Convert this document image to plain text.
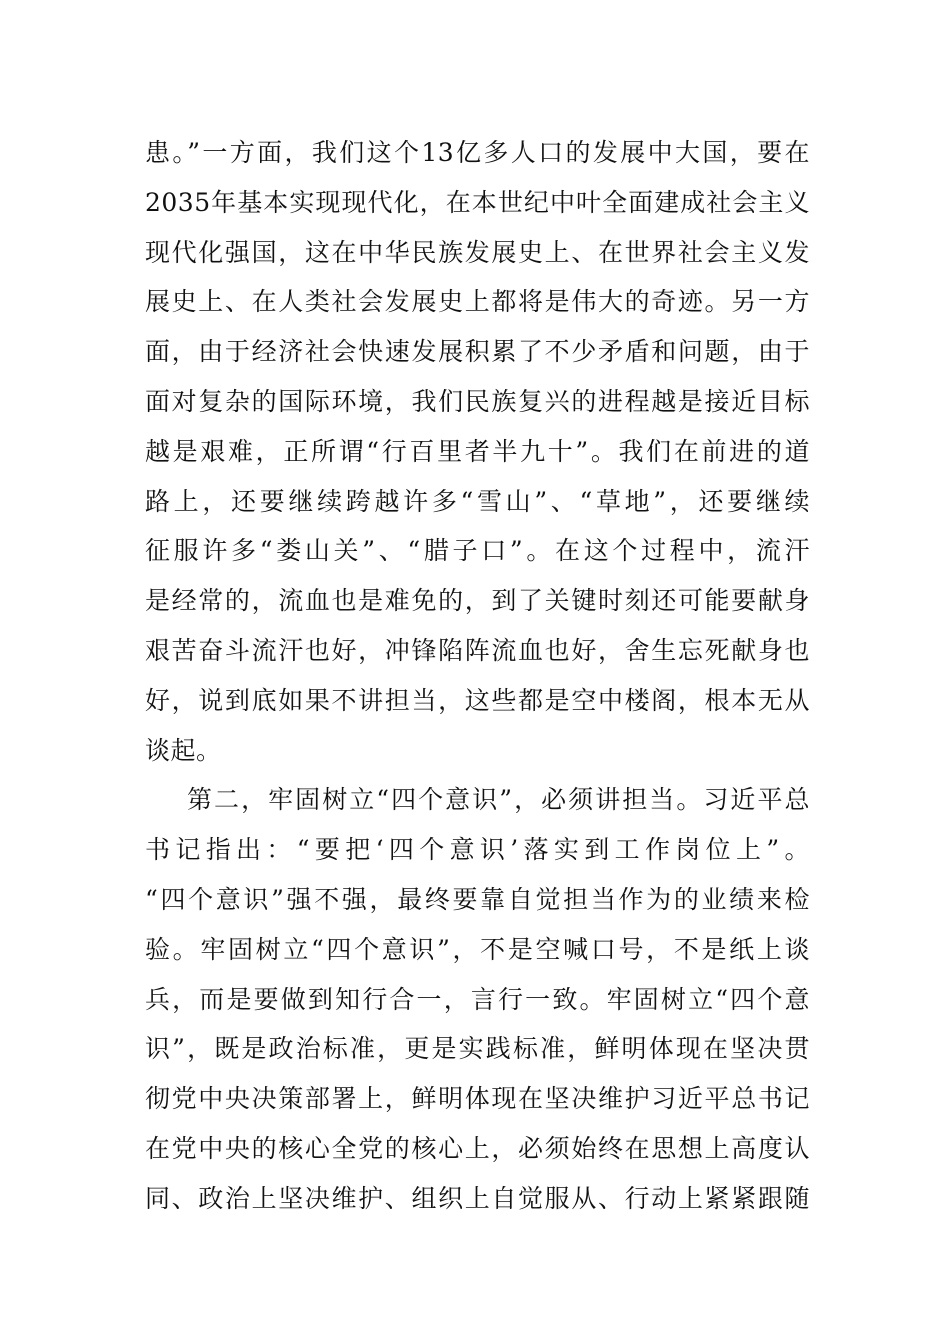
患。”一方面，我们这个13亿多人口的发展中大国，要在
2035年基本实现现代化，在本世纪中叶全面建成社会主义
现代化强国，这在中华民族发展史上、在世界社会主义发
展史上、在人类社会发展史上都将是伟大的奇迹。另一方
面，由于经济社会快速发展积累了不少矛盾和问题，由于
面对复杂的国际环境，我们民族复兴的进程越是接近目标
越是艰难，正所谓“行百里者半九十”。我们在前进的道
路上，还要继续跨越许多“雪山”、“草地”，还要继续
征服许多“娄山关”、“腊子口”。在这个过程中，流汗
是经常的，流血也是难免的，到了关键时刻还可能要献身
艰苦奋斗流汗也好，冲锋陷阵流血也好，舍生忘死献身也
好，说到底如果不讲担当，这些都是空中楼阁，根本无从
谈起。
第二，牢固树立“四个意识”，必须讲担当。习近平总
书记指出：“要把‘四个意识’落实到工作岗位上”。
“四个意识”强不强，最终要靠自觉担当作为的业绩来检
验。牢固树立“四个意识”，不是空喊口号，不是纸上谈
兵，而是要做到知行合一，言行一致。牢固树立“四个意
识”，既是政治标准，更是实践标准，鲜明体现在坚决贯
彻党中央决策部署上，鲜明体现在坚决维护习近平总书记
在党中央的核心全党的核心上，必须始终在思想上高度认
同、政治上坚决维护、组织上自觉服从、行动上紧紧跟随
